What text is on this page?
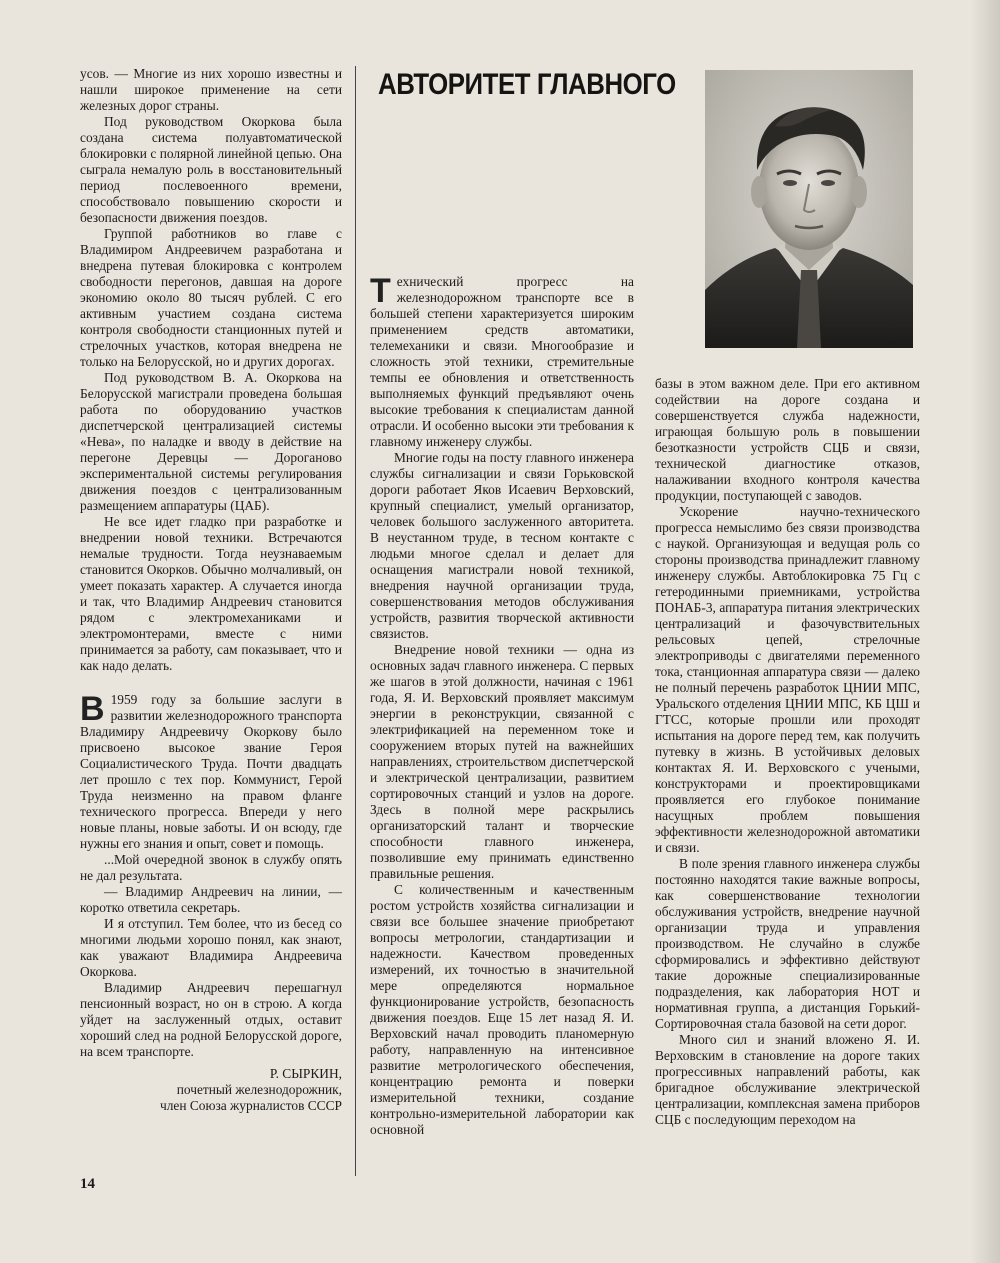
усов. — Многие из них хорошо известны и нашли широкое применение на сети железных дорог страны.

Под руководством Окоркова была создана система полуавтоматической блокировки с полярной линейной цепью. Она сыграла немалую роль в восстановительный период послевоенного времени, способствовало повышению скорости и безопасности движения поездов.

Группой работников во главе с Владимиром Андреевичем разработана и внедрена путевая блокировка с контролем свободности перегонов, давшая на дороге экономию около 80 тысяч рублей. С его активным участием создана система контроля свободности станционных путей и стрелочных участков, которая внедрена не только на Белорусской, но и других дорогах.

Под руководством В. А. Окоркова на Белорусской магистрали проведена большая работа по оборудованию участков диспетчерской централизацией системы «Нева», по наладке и вводу в действие на перегоне Деревцы — Дороганово экспериментальной системы регулирования движения поездов с централизованным размещением аппаратуры (ЦАБ).

Не все идет гладко при разработке и внедрении новой техники. Встречаются немалые трудности. Тогда неузнаваемым становится Окорков. Обычно молчаливый, он умеет показать характер. А случается иногда и так, что Владимир Андреевич становится рядом с электромеханиками и электромонтерами, вместе с ними принимается за работу, сам показывает, что и как надо делать.

В 1959 году за большие заслуги в развитии железнодорожного транспорта Владимиру Андреевичу Окоркову было присвоено высокое звание Героя Социалистического Труда. Почти двадцать лет прошло с тех пор. Коммунист, Герой Труда неизменно на правом фланге технического прогресса. Впереди у него новые планы, новые заботы. И он всюду, где нужны его знания и опыт, совет и помощь.

...Мой очередной звонок в службу опять не дал результата.

— Владимир Андреевич на линии, — коротко ответила секретарь.

И я отступил. Тем более, что из бесед со многими людьми хорошо понял, как знают, как уважают Владимира Андреевича Окоркова.

Владимир Андреевич перешагнул пенсионный возраст, но он в строю. А когда уйдет на заслуженный отдых, оставит хороший след на родной Белорусской дороге, на всем транспорте.

Р. СЫРКИН,

почетный железнодорожник,

член Союза журналистов СССР

АВТОРИТЕТ ГЛАВНОГО

Технический прогресс на железнодорожном транспорте все в большей степени характеризуется широким применением средств автоматики, телемеханики и связи. Многообразие и сложность этой техники, стремительные темпы ее обновления и ответственность выполняемых функций предъявляют очень высокие требования к специалистам данной отрасли. И особенно высоки эти требования к главному инженеру службы.

Многие годы на посту главного инженера службы сигнализации и связи Горьковской дороги работает Яков Исаевич Верховский, крупный специалист, умелый организатор, человек большого заслуженного авторитета. В неустанном труде, в тесном контакте с людьми многое сделал и делает для оснащения магистрали новой техникой, внедрения научной организации труда, совершенствования методов обслуживания устройств, развития творческой активности связистов.

Внедрение новой техники — одна из основных задач главного инженера. С первых же шагов в этой должности, начиная с 1961 года, Я. И. Верховский проявляет максимум энергии в реконструкции, связанной с электрификацией на переменном токе и сооружением вторых путей на важнейших направлениях, строительством диспетчерской и электрической централизации, развитием сортировочных станций и узлов на дороге. Здесь в полной мере раскрылись организаторский талант и творческие способности главного инженера, позволившие ему принимать единственно правильные решения.

С количественным и качественным ростом устройств хозяйства сигнализации и связи все большее значение приобретают вопросы метрологии, стандартизации и надежности. Качеством проведенных измерений, их точностью в значительной мере определяются нормальное функционирование устройств, безопасность движения поездов. Еще 15 лет назад Я. И. Верховский начал проводить планомерную работу, направленную на интенсивное развитие метрологического обеспечения, концентрацию ремонта и поверки измерительной техники, создание контрольно-измерительной лаборатории как основной

базы в этом важном деле. При его активном содействии на дороге создана и совершенствуется служба надежности, играющая большую роль в повышении безотказности устройств СЦБ и связи, технической диагностике отказов, налаживании входного контроля качества продукции, поступающей с заводов.

Ускорение научно-технического прогресса немыслимо без связи производства с наукой. Организующая и ведущая роль со стороны производства принадлежит главному инженеру службы. Автоблокировка 75 Гц с гетеродинными приемниками, устройства ПОНАБ-3, аппаратура питания электрических централизаций и фазочувствительных рельсовых цепей, стрелочные электроприводы с двигателями переменного тока, станционная аппаратура связи — далеко не полный перечень разработок ЦНИИ МПС, Уральского отделения ЦНИИ МПС, КБ ЦШ и ГТСС, которые прошли или проходят испытания на дороге перед тем, как получить путевку в жизнь. В устойчивых деловых контактах Я. И. Верховского с учеными, конструкторами и проектировщиками проявляется его глубокое понимание насущных проблем повышения эффективности железнодорожной автоматики и связи.

В поле зрения главного инженера службы постоянно находятся такие важные вопросы, как совершенствование технологии обслуживания устройств, внедрение научной организации труда и управления производством. Не случайно в службе сформировались и эффективно действуют такие дорожные специализированные подразделения, как лаборатория НОТ и нормативная группа, а дистанция Горький-Сортировочная стала базовой на сети дорог.

Много сил и знаний вложено Я. И. Верховским в становление на дороге таких прогрессивных направлений работы, как бригадное обслуживание электрической централизации, комплексная замена приборов СЦБ с последующим переходом на

14
